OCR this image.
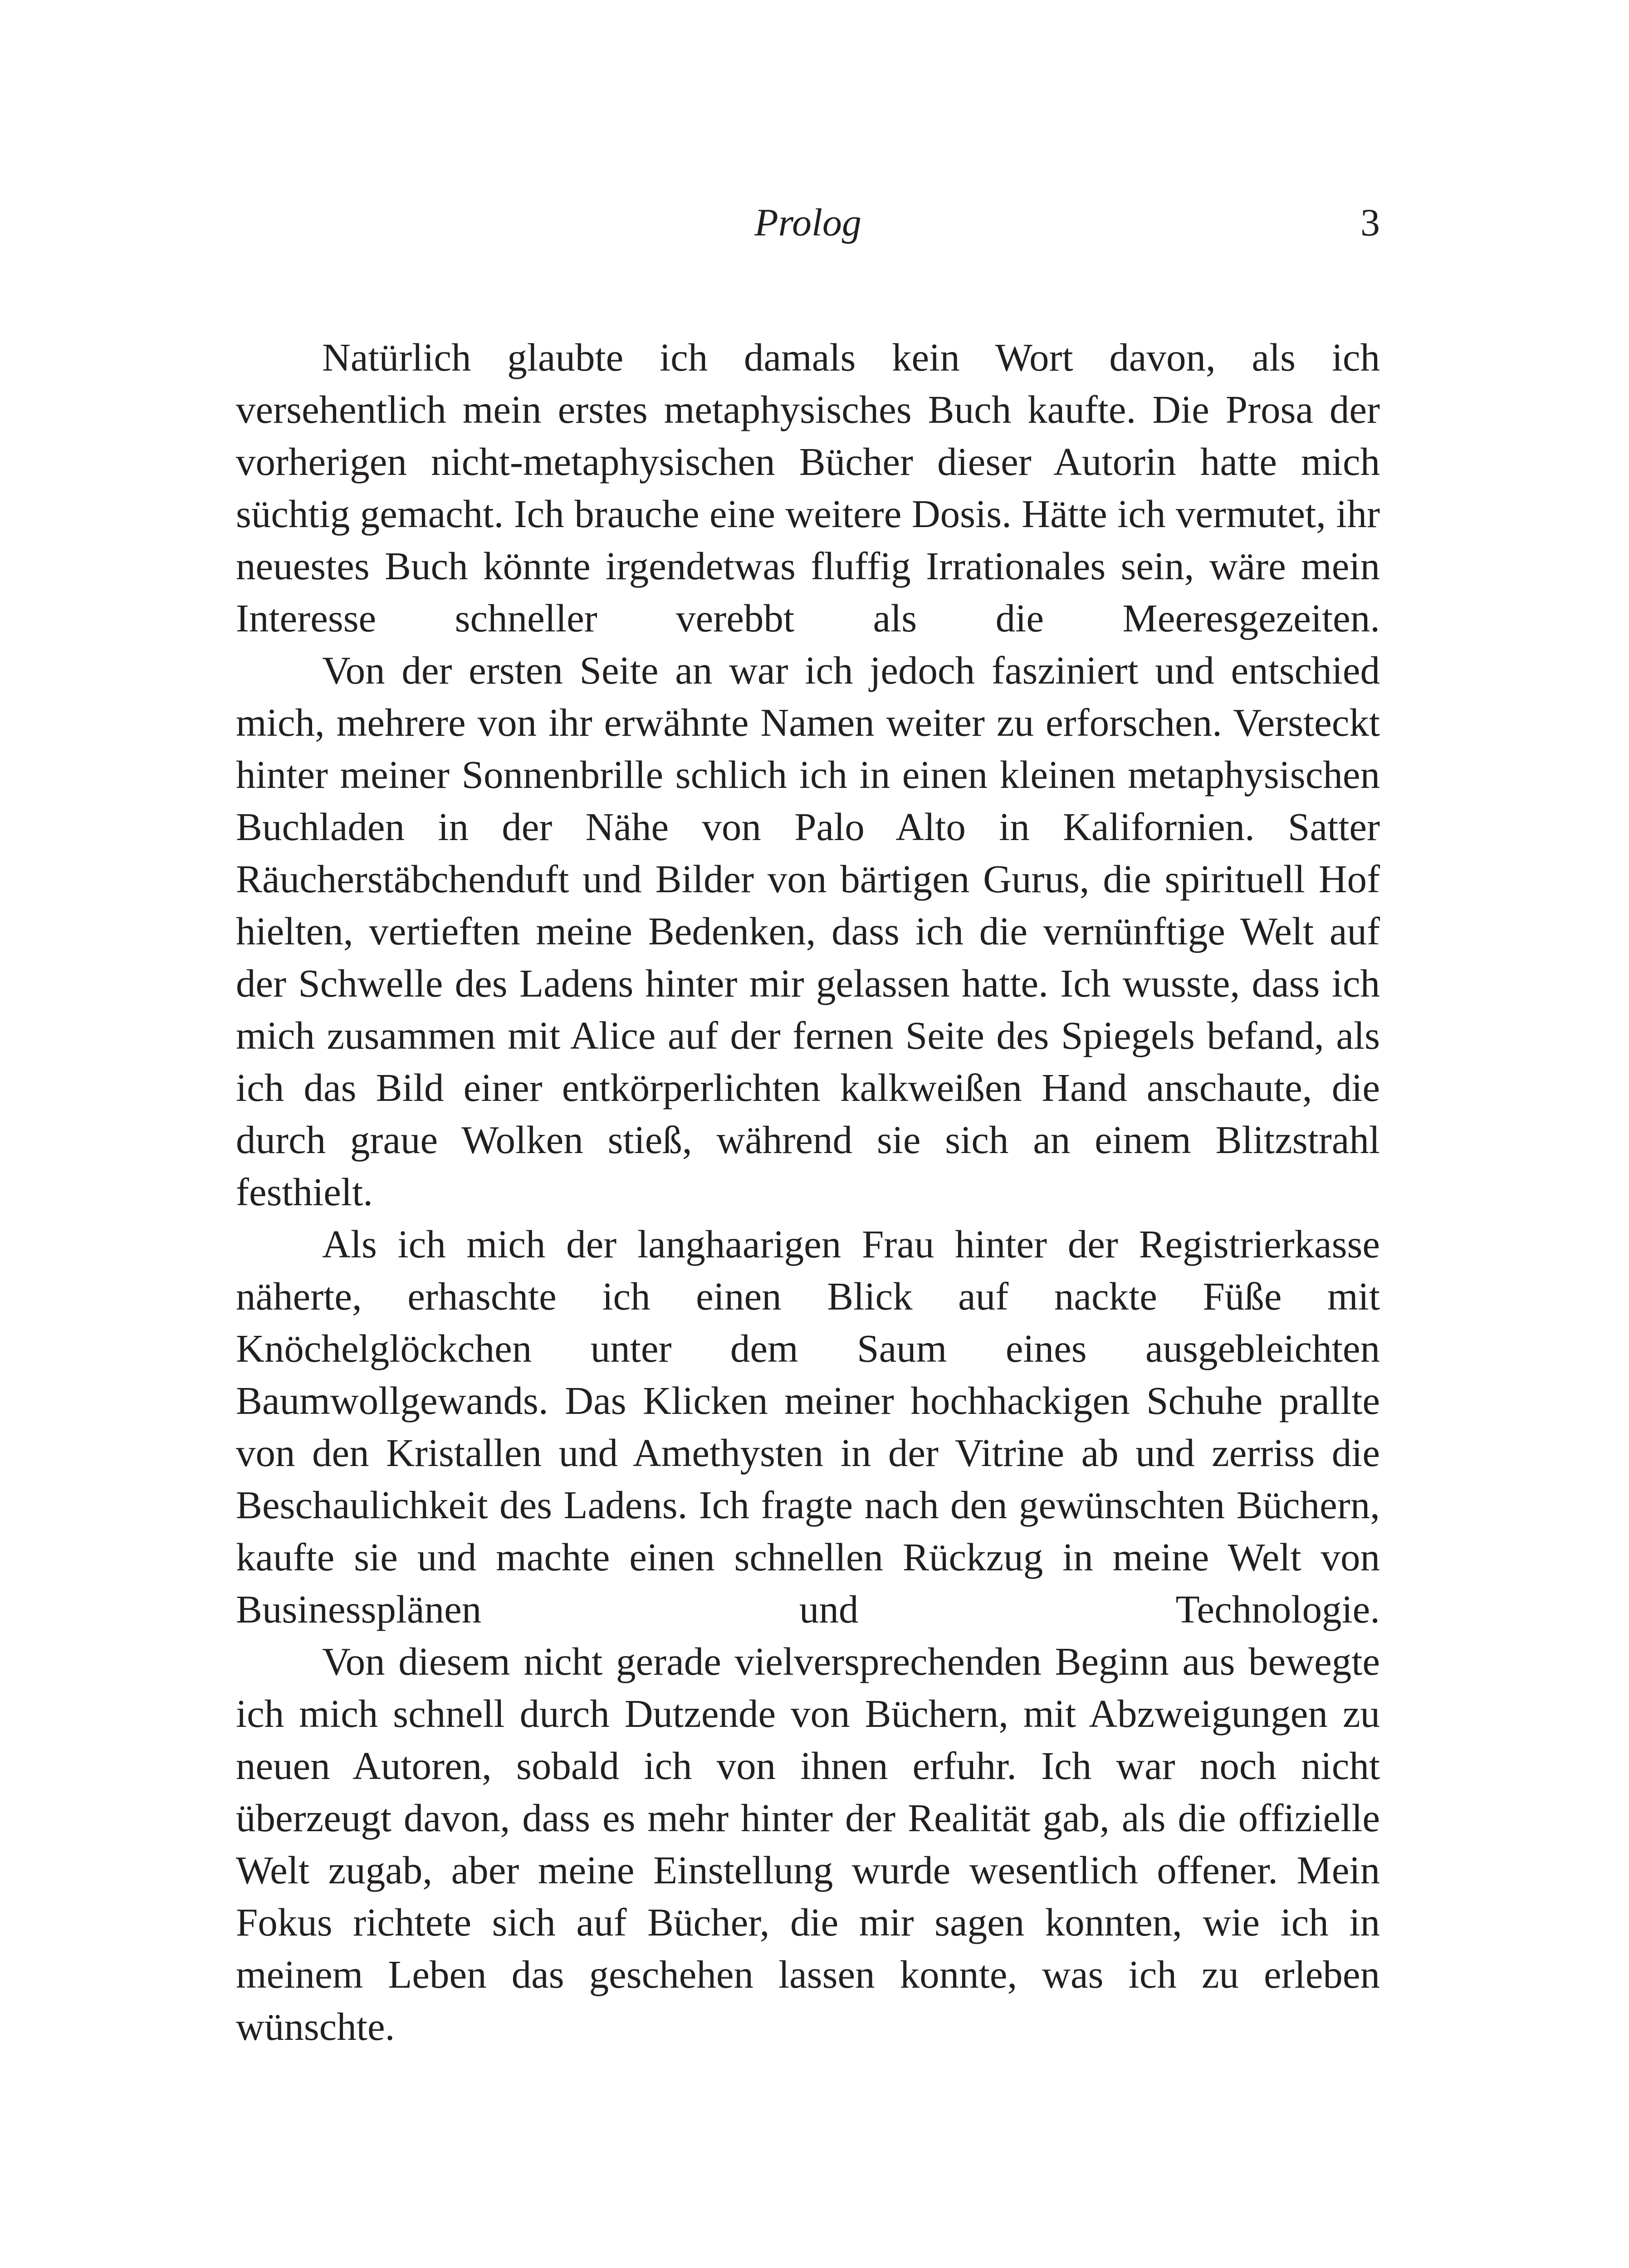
Prolog	3

Natürlich glaubte ich damals kein Wort davon, als ich versehentlich mein erstes metaphysisches Buch kaufte. Die Prosa der vorherigen nicht-metaphysischen Bücher dieser Autorin hatte mich süchtig gemacht. Ich brauche eine weitere Dosis. Hätte ich vermutet, ihr neuestes Buch könnte irgendetwas fluffig Irrationales sein, wäre mein Interesse schneller verebbt als die Meeresgezeiten.

Von der ersten Seite an war ich jedoch fasziniert und entschied mich, mehrere von ihr erwähnte Namen weiter zu erforschen. Versteckt hinter meiner Sonnenbrille schlich ich in einen kleinen metaphysischen Buchladen in der Nähe von Palo Alto in Kalifornien. Satter Räucherstäbchenduft und Bilder von bärtigen Gurus, die spirituell Hof hielten, vertieften meine Bedenken, dass ich die vernünftige Welt auf der Schwelle des Ladens hinter mir gelassen hatte. Ich wusste, dass ich mich zusammen mit Alice auf der fernen Seite des Spiegels befand, als ich das Bild einer entkörperlichten kalkweißen Hand anschaute, die durch graue Wolken stieß, während sie sich an einem Blitzstrahl festhielt.

Als ich mich der langhaarigen Frau hinter der Registrierkasse näherte, erhaschte ich einen Blick auf nackte Füße mit Knöchelglöckchen unter dem Saum eines ausgebleichten Baumwollgewands. Das Klicken meiner hochhackigen Schuhe prallte von den Kristallen und Amethysten in der Vitrine ab und zerriss die Beschaulichkeit des Ladens. Ich fragte nach den gewünschten Büchern, kaufte sie und machte einen schnellen Rückzug in meine Welt von Businessplänen und Technologie.

Von diesem nicht gerade vielversprechenden Beginn aus bewegte ich mich schnell durch Dutzende von Büchern, mit Abzweigungen zu neuen Autoren, sobald ich von ihnen erfuhr. Ich war noch nicht überzeugt davon, dass es mehr hinter der Realität gab, als die offizielle Welt zugab, aber meine Einstellung wurde wesentlich offener. Mein Fokus richtete sich auf Bücher, die mir sagen konnten, wie ich in meinem Leben das geschehen lassen konnte, was ich zu erleben wünschte.
